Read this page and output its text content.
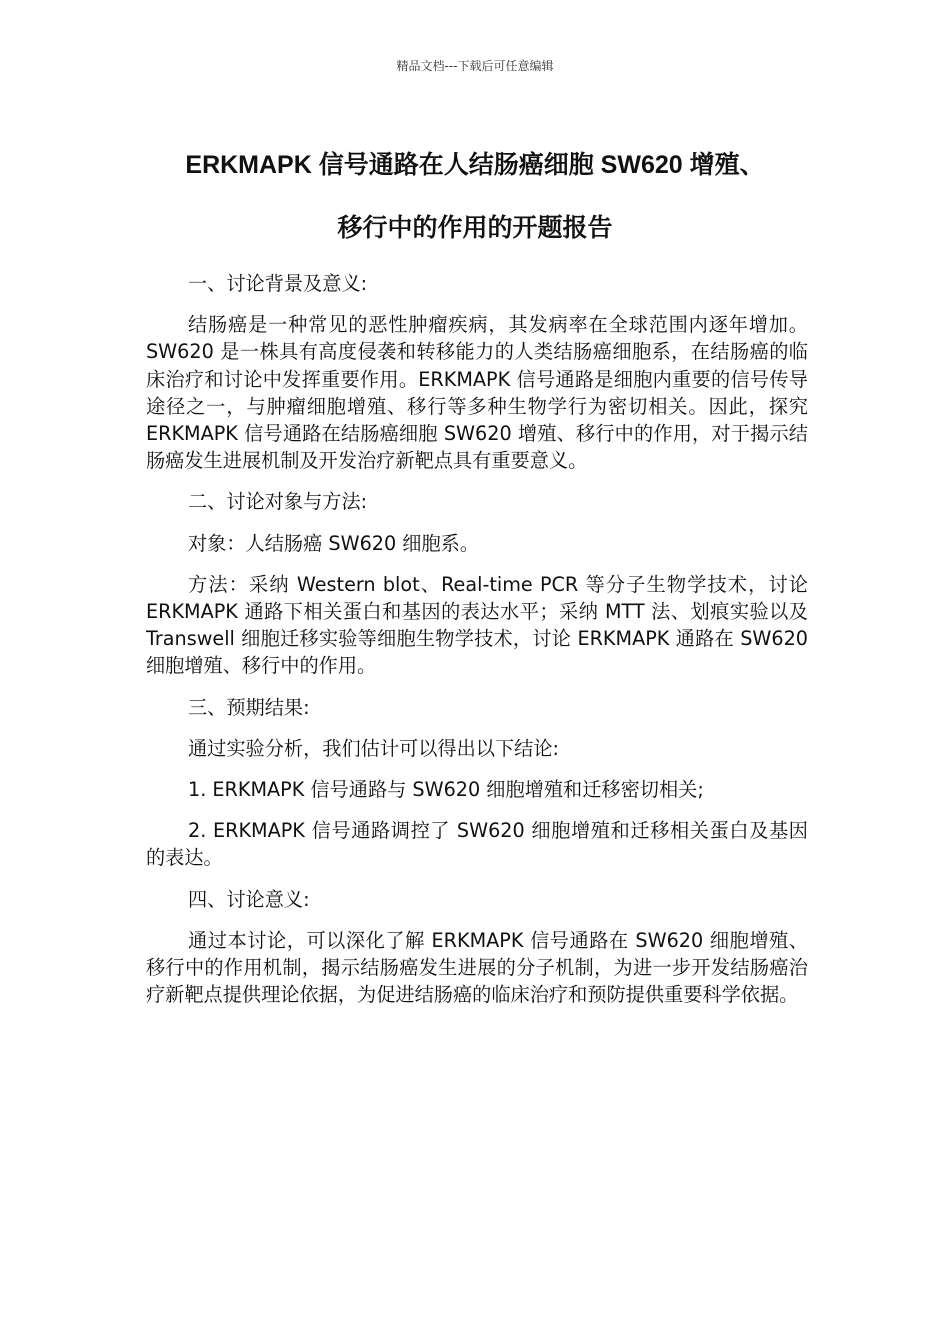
精品文档---下载后可任意编辑
ERKMAPK 信号通路在人结肠癌细胞 SW620 增殖、
移行中的作用的开题报告

一、讨论背景及意义:

结肠癌是一种常见的恶性肿瘤疾病，其发病率在全球范围内逐年增加。SW620 是一株具有高度侵袭和转移能力的人类结肠癌细胞系，在结肠癌的临床治疗和讨论中发挥重要作用。ERKMAPK 信号通路是细胞内重要的信号传导途径之一，与肿瘤细胞增殖、移行等多种生物学行为密切相关。因此，探究 ERKMAPK 信号通路在结肠癌细胞 SW620 增殖、移行中的作用，对于揭示结肠癌发生进展机制及开发治疗新靶点具有重要意义。

二、讨论对象与方法:

对象：人结肠癌 SW620 细胞系。

方法：采纳 Western blot、Real-time PCR 等分子生物学技术，讨论 ERKMAPK 通路下相关蛋白和基因的表达水平；采纳 MTT 法、划痕实验以及 Transwell 细胞迁移实验等细胞生物学技术，讨论 ERKMAPK 通路在 SW620 细胞增殖、移行中的作用。

三、预期结果:

通过实验分析，我们估计可以得出以下结论:

1. ERKMAPK 信号通路与 SW620 细胞增殖和迁移密切相关;

2. ERKMAPK 信号通路调控了 SW620 细胞增殖和迁移相关蛋白及基因的表达。

四、讨论意义:

通过本讨论，可以深化了解 ERKMAPK 信号通路在 SW620 细胞增殖、移行中的作用机制，揭示结肠癌发生进展的分子机制，为进一步开发结肠癌治疗新靶点提供理论依据，为促进结肠癌的临床治疗和预防提供重要科学依据。
